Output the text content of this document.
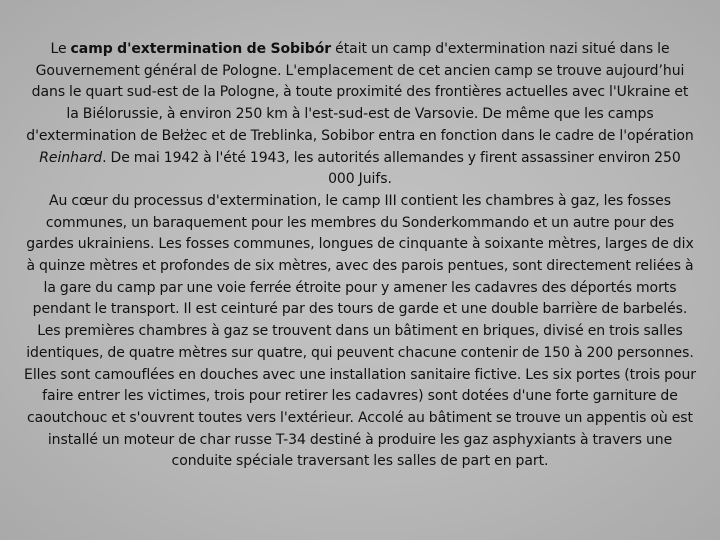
Le camp d'extermination de Sobibór était un camp d'extermination nazi situé dans le Gouvernement général de Pologne. L'emplacement de cet ancien camp se trouve aujourd’hui dans le quart sud-est de la Pologne, à toute proximité des frontières actuelles avec l'Ukraine et la Biélorussie, à environ 250 km à l'est-sud-est de Varsovie. De même que les camps d'extermination de Bełżec et de Treblinka, Sobibor entra en fonction dans le cadre de l'opération Reinhard. De mai 1942 à l'été 1943, les autorités allemandes y firent assassiner environ 250 000 Juifs.

Au cœur du processus d'extermination, le camp III contient les chambres à gaz, les fosses communes, un baraquement pour les membres du Sonderkommando et un autre pour des gardes ukrainiens. Les fosses communes, longues de cinquante à soixante mètres, larges de dix à quinze mètres et profondes de six mètres, avec des parois pentues, sont directement reliées à la gare du camp par une voie ferrée étroite pour y amener les cadavres des déportés morts pendant le transport. Il est ceinturé par des tours de garde et une double barrière de barbelés. Les premières chambres à gaz se trouvent dans un bâtiment en briques, divisé en trois salles identiques, de quatre mètres sur quatre, qui peuvent chacune contenir de 150 à 200 personnes. Elles sont camouflées en douches avec une installation sanitaire fictive. Les six portes (trois pour faire entrer les victimes, trois pour retirer les cadavres) sont dotées d'une forte garniture de caoutchouc et s'ouvrent toutes vers l'extérieur. Accolé au bâtiment se trouve un appentis où est installé un moteur de char russe T-34 destiné à produire les gaz asphyxiants à travers une conduite spéciale traversant les salles de part en part.
